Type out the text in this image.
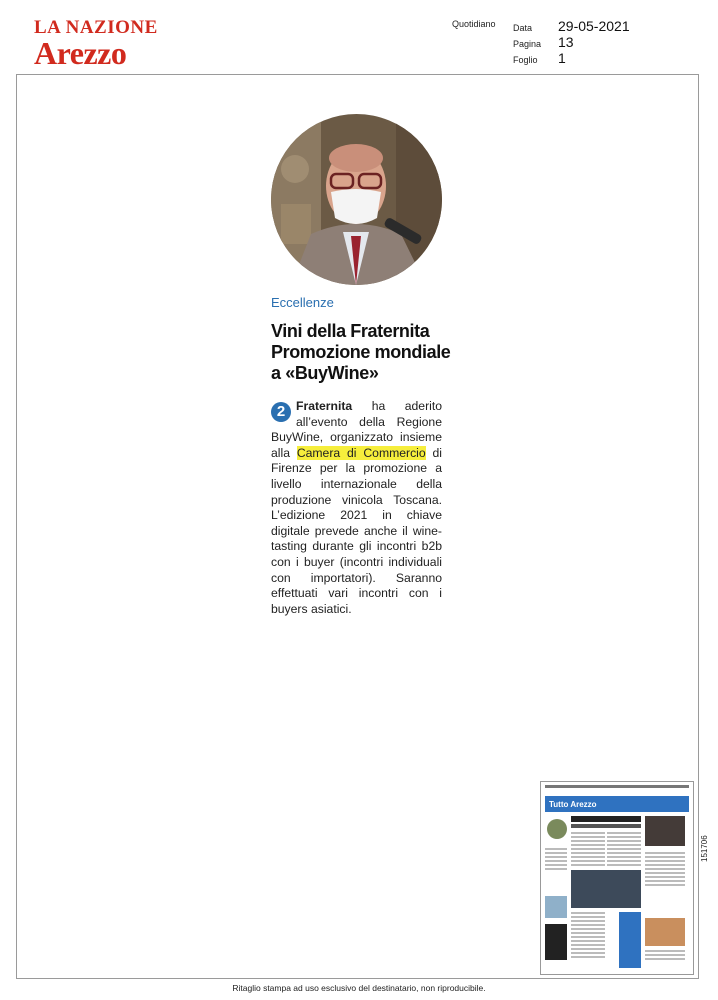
LA NAZIONE
Arezzo
Quotidiano Data	29-05-2021
Pagina	13
Foglio	1
Eccellenze
Vini della Fraternita
Promozione mondiale
a «BuyWine»

2 Fraternita ha aderito all’evento della Regione BuyWine, organizzato insieme alla Camera di Commercio di Firenze per la promozione a livello internazionale della produzione vinicola Toscana. L’edizione 2021 in chiave digitale prevede anche il wine-tasting durante gli incontri b2b con i buyer (incontri individuali con importatori). Saranno effettuati vari incontri con i buyers asiatici.

Tutto Arezzo
151706
Ritaglio stampa ad uso esclusivo del destinatario, non riproducibile.
